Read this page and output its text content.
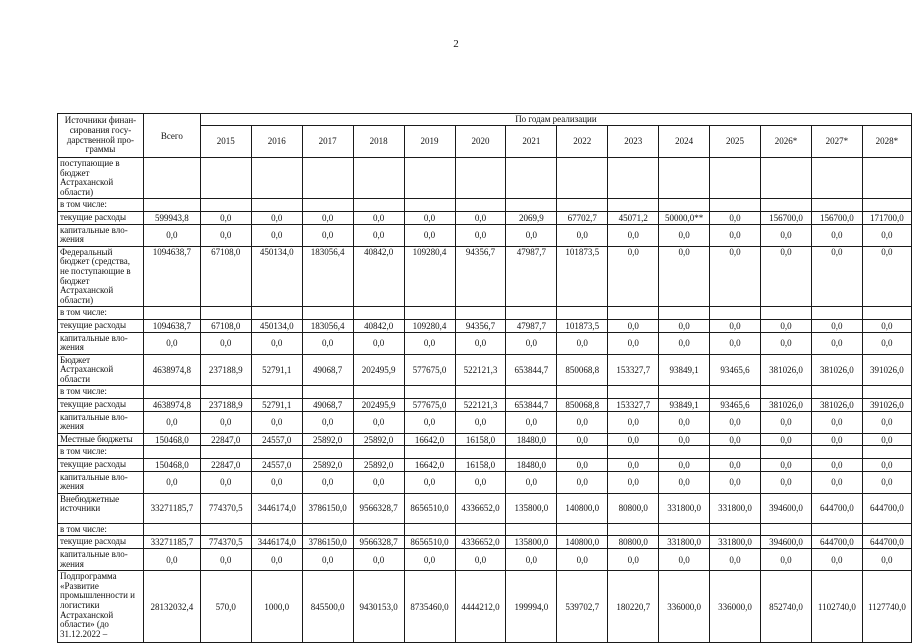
2
Источники финан-сирования госу-дарственной про-граммы	Всего	По годам реализации													
		2015	2016	2017	2018	2019	2020	2021	2022	2023	2024	2025	2026*	2027*	2028*
поступающие в бюджет Астраханской области)															
в том числе:															
текущие расходы	599943,8	0,0	0,0	0,0	0,0	0,0	0,0	2069,9	67702,7	45071,2	50000,0**	0,0	156700,0	156700,0	171700,0
капитальные вло-жения	0,0	0,0	0,0	0,0	0,0	0,0	0,0	0,0	0,0	0,0	0,0	0,0	0,0	0,0	0,0
Федеральный бюджет (средства, не поступающие в бюджет Астраханской области)	1094638,7	67108,0	450134,0	183056,4	40842,0	109280,4	94356,7	47987,7	101873,5	0,0	0,0	0,0	0,0	0,0	0,0
в том числе:															
текущие расходы	1094638,7	67108,0	450134,0	183056,4	40842,0	109280,4	94356,7	47987,7	101873,5	0,0	0,0	0,0	0,0	0,0	0,0
капитальные вло-жения	0,0	0,0	0,0	0,0	0,0	0,0	0,0	0,0	0,0	0,0	0,0	0,0	0,0	0,0	0,0
Бюджет Астраханской области	4638974,8	237188,9	52791,1	49068,7	202495,9	577675,0	522121,3	653844,7	850068,8	153327,7	93849,1	93465,6	381026,0	381026,0	391026,0
в том числе:															
текущие расходы	4638974,8	237188,9	52791,1	49068,7	202495,9	577675,0	522121,3	653844,7	850068,8	153327,7	93849,1	93465,6	381026,0	381026,0	391026,0
капитальные вло-жения	0,0	0,0	0,0	0,0	0,0	0,0	0,0	0,0	0,0	0,0	0,0	0,0	0,0	0,0	0,0
Местные бюджеты	150468,0	22847,0	24557,0	25892,0	25892,0	16642,0	16158,0	18480,0	0,0	0,0	0,0	0,0	0,0	0,0	0,0
в том числе:															
текущие расходы	150468,0	22847,0	24557,0	25892,0	25892,0	16642,0	16158,0	18480,0	0,0	0,0	0,0	0,0	0,0	0,0	0,0
капитальные вло-жения	0,0	0,0	0,0	0,0	0,0	0,0	0,0	0,0	0,0	0,0	0,0	0,0	0,0	0,0	0,0
Внебюджетные источники	33271185,7	774370,5	3446174,0	3786150,0	9566328,7	8656510,0	4336652,0	135800,0	140800,0	80800,0	331800,0	331800,0	394600,0	644700,0	644700,0
в том числе:															
текущие расходы	33271185,7	774370,5	3446174,0	3786150,0	9566328,7	8656510,0	4336652,0	135800,0	140800,0	80800,0	331800,0	331800,0	394600,0	644700,0	644700,0
капитальные вло-жения	0,0	0,0	0,0	0,0	0,0	0,0	0,0	0,0	0,0	0,0	0,0	0,0	0,0	0,0	0,0
Подпрограмма «Развитие промышленности и логистики Астраханской области» (до 31.12.2022 –	28132032,4	570,0	1000,0	845500,0	9430153,0	8735460,0	4444212,0	199994,0	539702,7	180220,7	336000,0	336000,0	852740,0	1102740,0	1127740,0
